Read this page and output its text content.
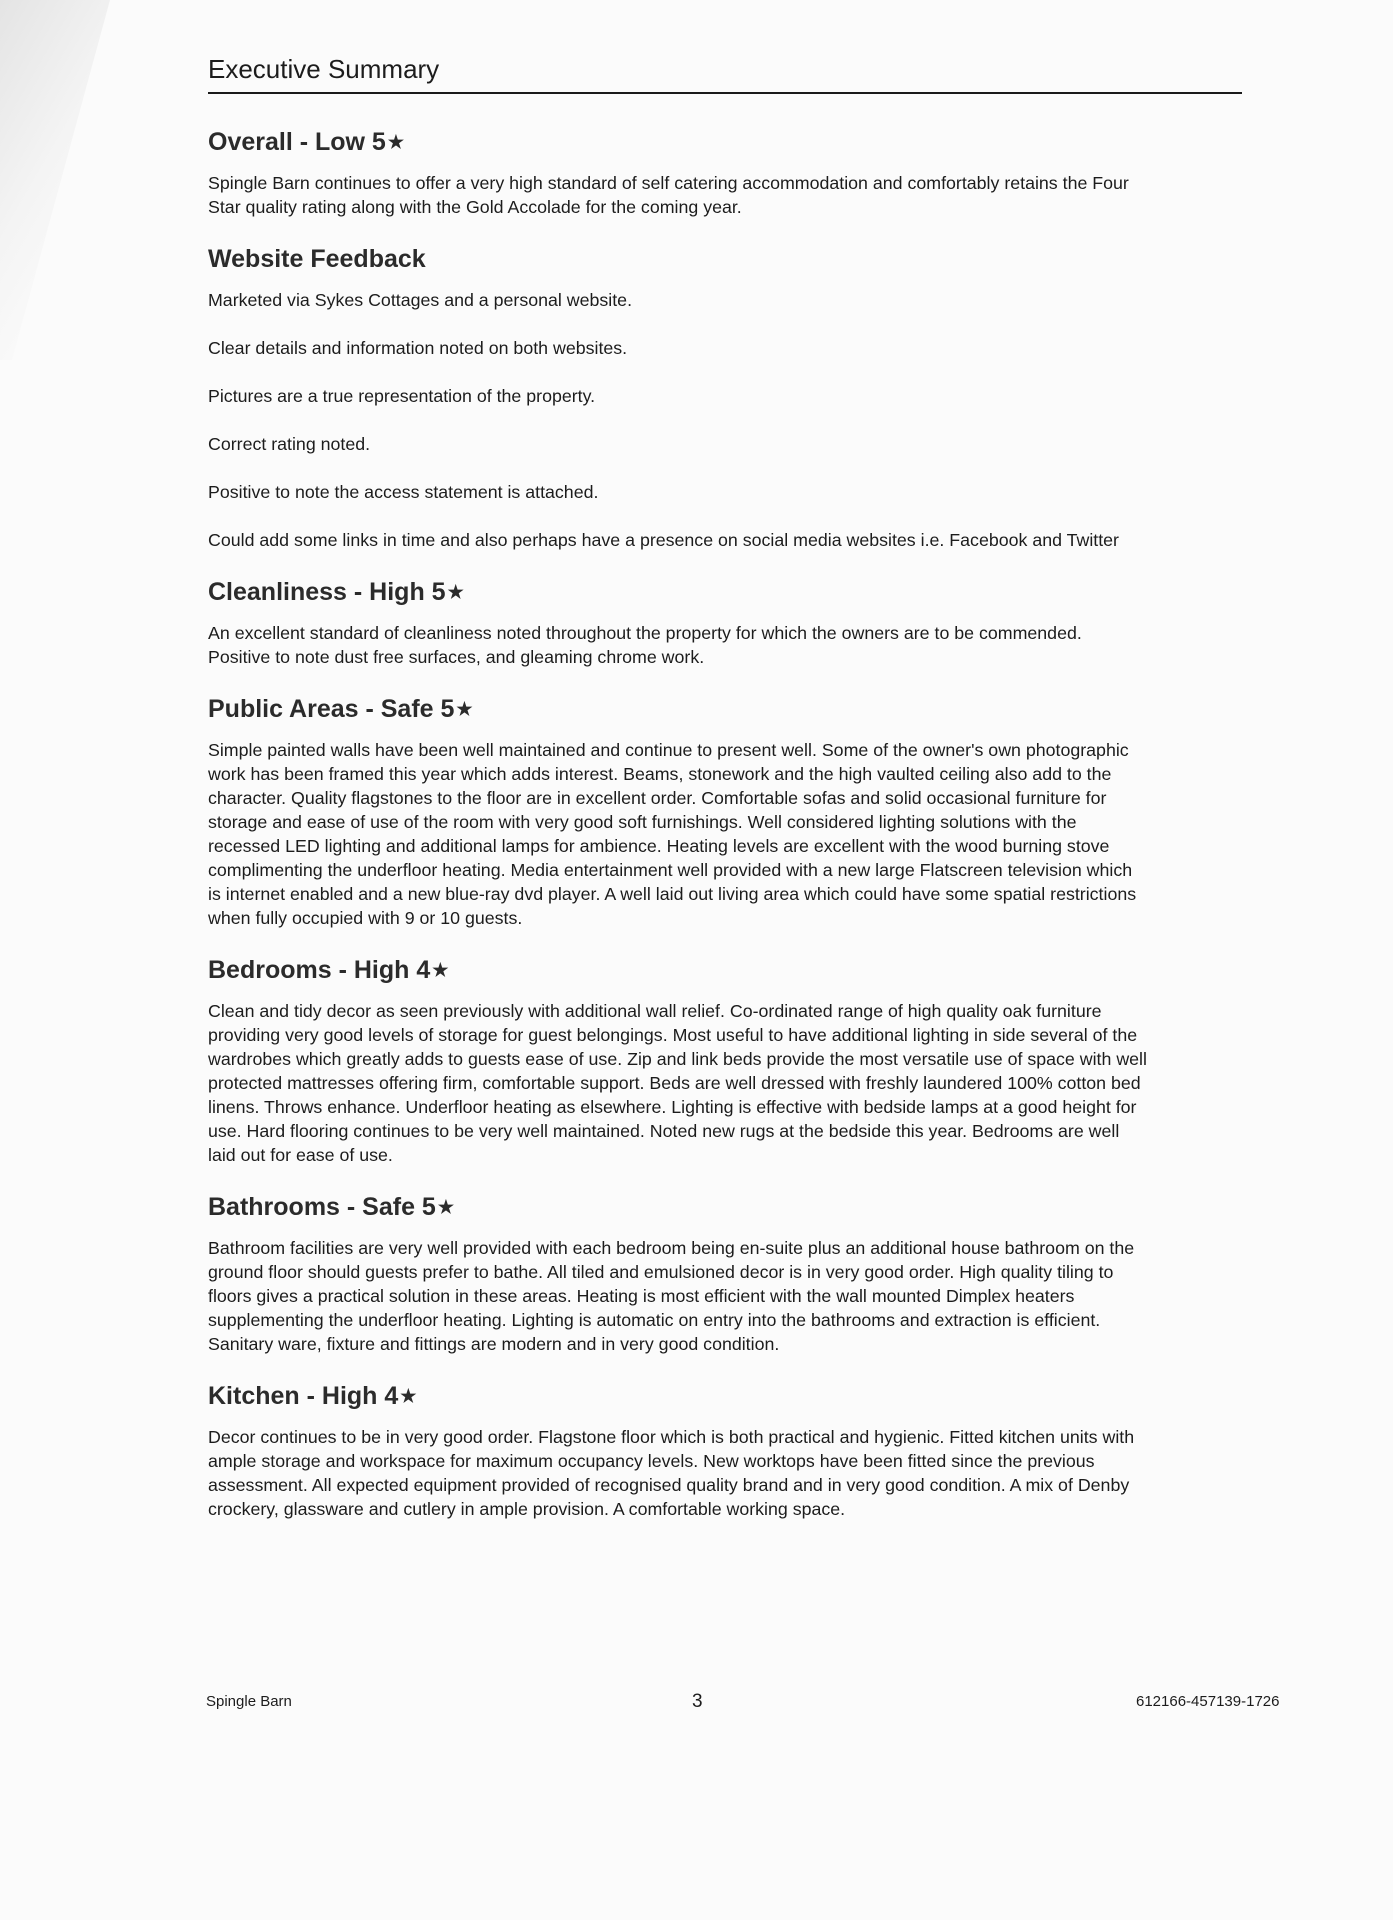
Executive Summary
Overall - Low 5 ★

Spingle Barn continues to offer a very high standard of self catering accommodation and comfortably retains the Four Star quality rating along with the Gold Accolade for the coming year.

Website Feedback

Marketed via Sykes Cottages and a personal website.

Clear details and information noted on both websites.

Pictures are a true representation of the property.

Correct rating noted.

Positive to note the access statement is attached.

Could add some links in time and also perhaps have a presence on social media websites i.e. Facebook and Twitter

Cleanliness - High 5 ★

An excellent standard of cleanliness noted throughout the property for which the owners are to be commended. Positive to note dust free surfaces, and gleaming chrome work.

Public Areas - Safe 5 ★

Simple painted walls have been well maintained and continue to present well. Some of the owner's own photographic work has been framed this year which adds interest. Beams, stonework and the high vaulted ceiling also add to the character. Quality flagstones to the floor are in excellent order. Comfortable sofas and solid occasional furniture for storage and ease of use of the room with very good soft furnishings. Well considered lighting solutions with the recessed LED lighting and additional lamps for ambience. Heating levels are excellent with the wood burning stove complimenting the underfloor heating. Media entertainment well provided with a new large Flatscreen television which is internet enabled and a new blue-ray dvd player. A well laid out living area which could have some spatial restrictions when fully occupied with 9 or 10 guests.

Bedrooms - High 4 ★

Clean and tidy decor as seen previously with additional wall relief. Co-ordinated range of high quality oak furniture providing very good levels of storage for guest belongings. Most useful to have additional lighting in side several of the wardrobes which greatly adds to guests ease of use. Zip and link beds provide the most versatile use of space with well protected mattresses offering firm, comfortable support. Beds are well dressed with freshly laundered 100% cotton bed linens. Throws enhance. Underfloor heating as elsewhere. Lighting is effective with bedside lamps at a good height for use. Hard flooring continues to be very well maintained. Noted new rugs at the bedside this year. Bedrooms are well laid out for ease of use.

Bathrooms - Safe 5 ★

Bathroom facilities are very well provided with each bedroom being en-suite plus an additional house bathroom on the ground floor should guests prefer to bathe. All tiled and emulsioned decor is in very good order. High quality tiling to floors gives a practical solution in these areas. Heating is most efficient with the wall mounted Dimplex heaters supplementing the underfloor heating. Lighting is automatic on entry into the bathrooms and extraction is efficient. Sanitary ware, fixture and fittings are modern and in very good condition.

Kitchen - High 4 ★

Decor continues to be in very good order. Flagstone floor which is both practical and hygienic. Fitted kitchen units with ample storage and workspace for maximum occupancy levels. New worktops have been fitted since the previous assessment. All expected equipment provided of recognised quality brand and in very good condition. A mix of Denby crockery, glassware and cutlery in ample provision. A comfortable working space.

Spingle Barn	3	612166-457139-1726
